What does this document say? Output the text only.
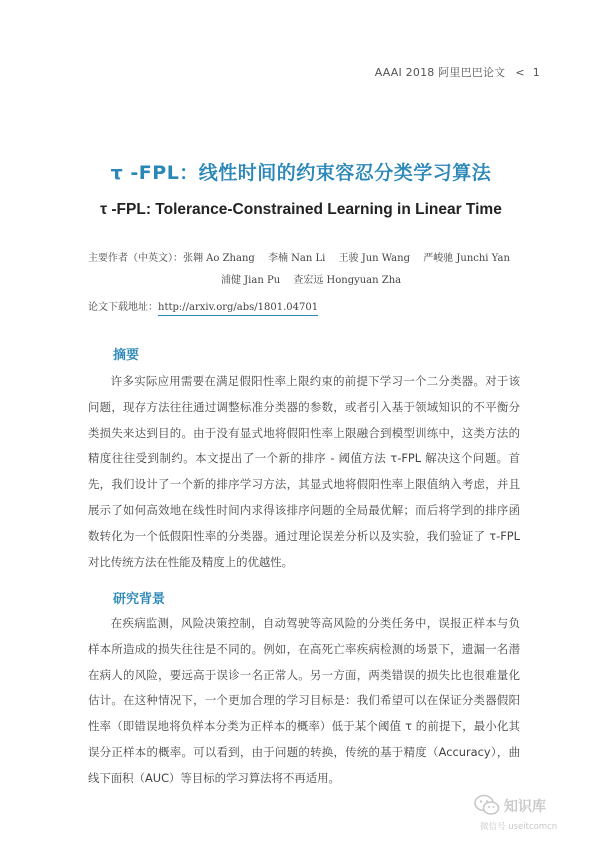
AAAI 2018 阿里巴巴论文 < 1
τ -FPL：线性时间的约束容忍分类学习算法
τ -FPL: Tolerance-Constrained Learning in Linear Time
主要作者（中英文）：张翱 Ao Zhang 李楠 Nan Li 王骏 Jun Wang 严峻驰 Junchi Yan
浦健 Jian Pu 查宏远 Hongyuan Zha
论文下载地址：http://arxiv.org/abs/1801.04701
摘要

许多实际应用需要在满足假阳性率上限约束的前提下学习一个二分类器。对于该问题，现存方法往往通过调整标准分类器的参数，或者引入基于领域知识的不平衡分类损失来达到目的。由于没有显式地将假阳性率上限融合到模型训练中，这类方法的精度往往受到制约。本文提出了一个新的排序 - 阈值方法 τ-FPL 解决这个问题。首先，我们设计了一个新的排序学习方法，其显式地将假阳性率上限值纳入考虑，并且展示了如何高效地在线性时间内求得该排序问题的全局最优解；而后将学到的排序函数转化为一个低假阳性率的分类器。通过理论误差分析以及实验，我们验证了 τ-FPL 对比传统方法在性能及精度上的优越性。

研究背景

在疾病监测，风险决策控制，自动驾驶等高风险的分类任务中，误报正样本与负样本所造成的损失往往是不同的。例如，在高死亡率疾病检测的场景下，遗漏一名潜在病人的风险，要远高于误诊一名正常人。另一方面，两类错误的损失比也很难量化估计。在这种情况下，一个更加合理的学习目标是：我们希望可以在保证分类器假阳性率（即错误地将负样本分类为正样本的概率）低于某个阈值 τ 的前提下，最小化其误分正样本的概率。可以看到，由于问题的转换，传统的基于精度（Accuracy），曲线下面积（AUC）等目标的学习算法将不再适用。

知识库
微信号 useitcomcn
